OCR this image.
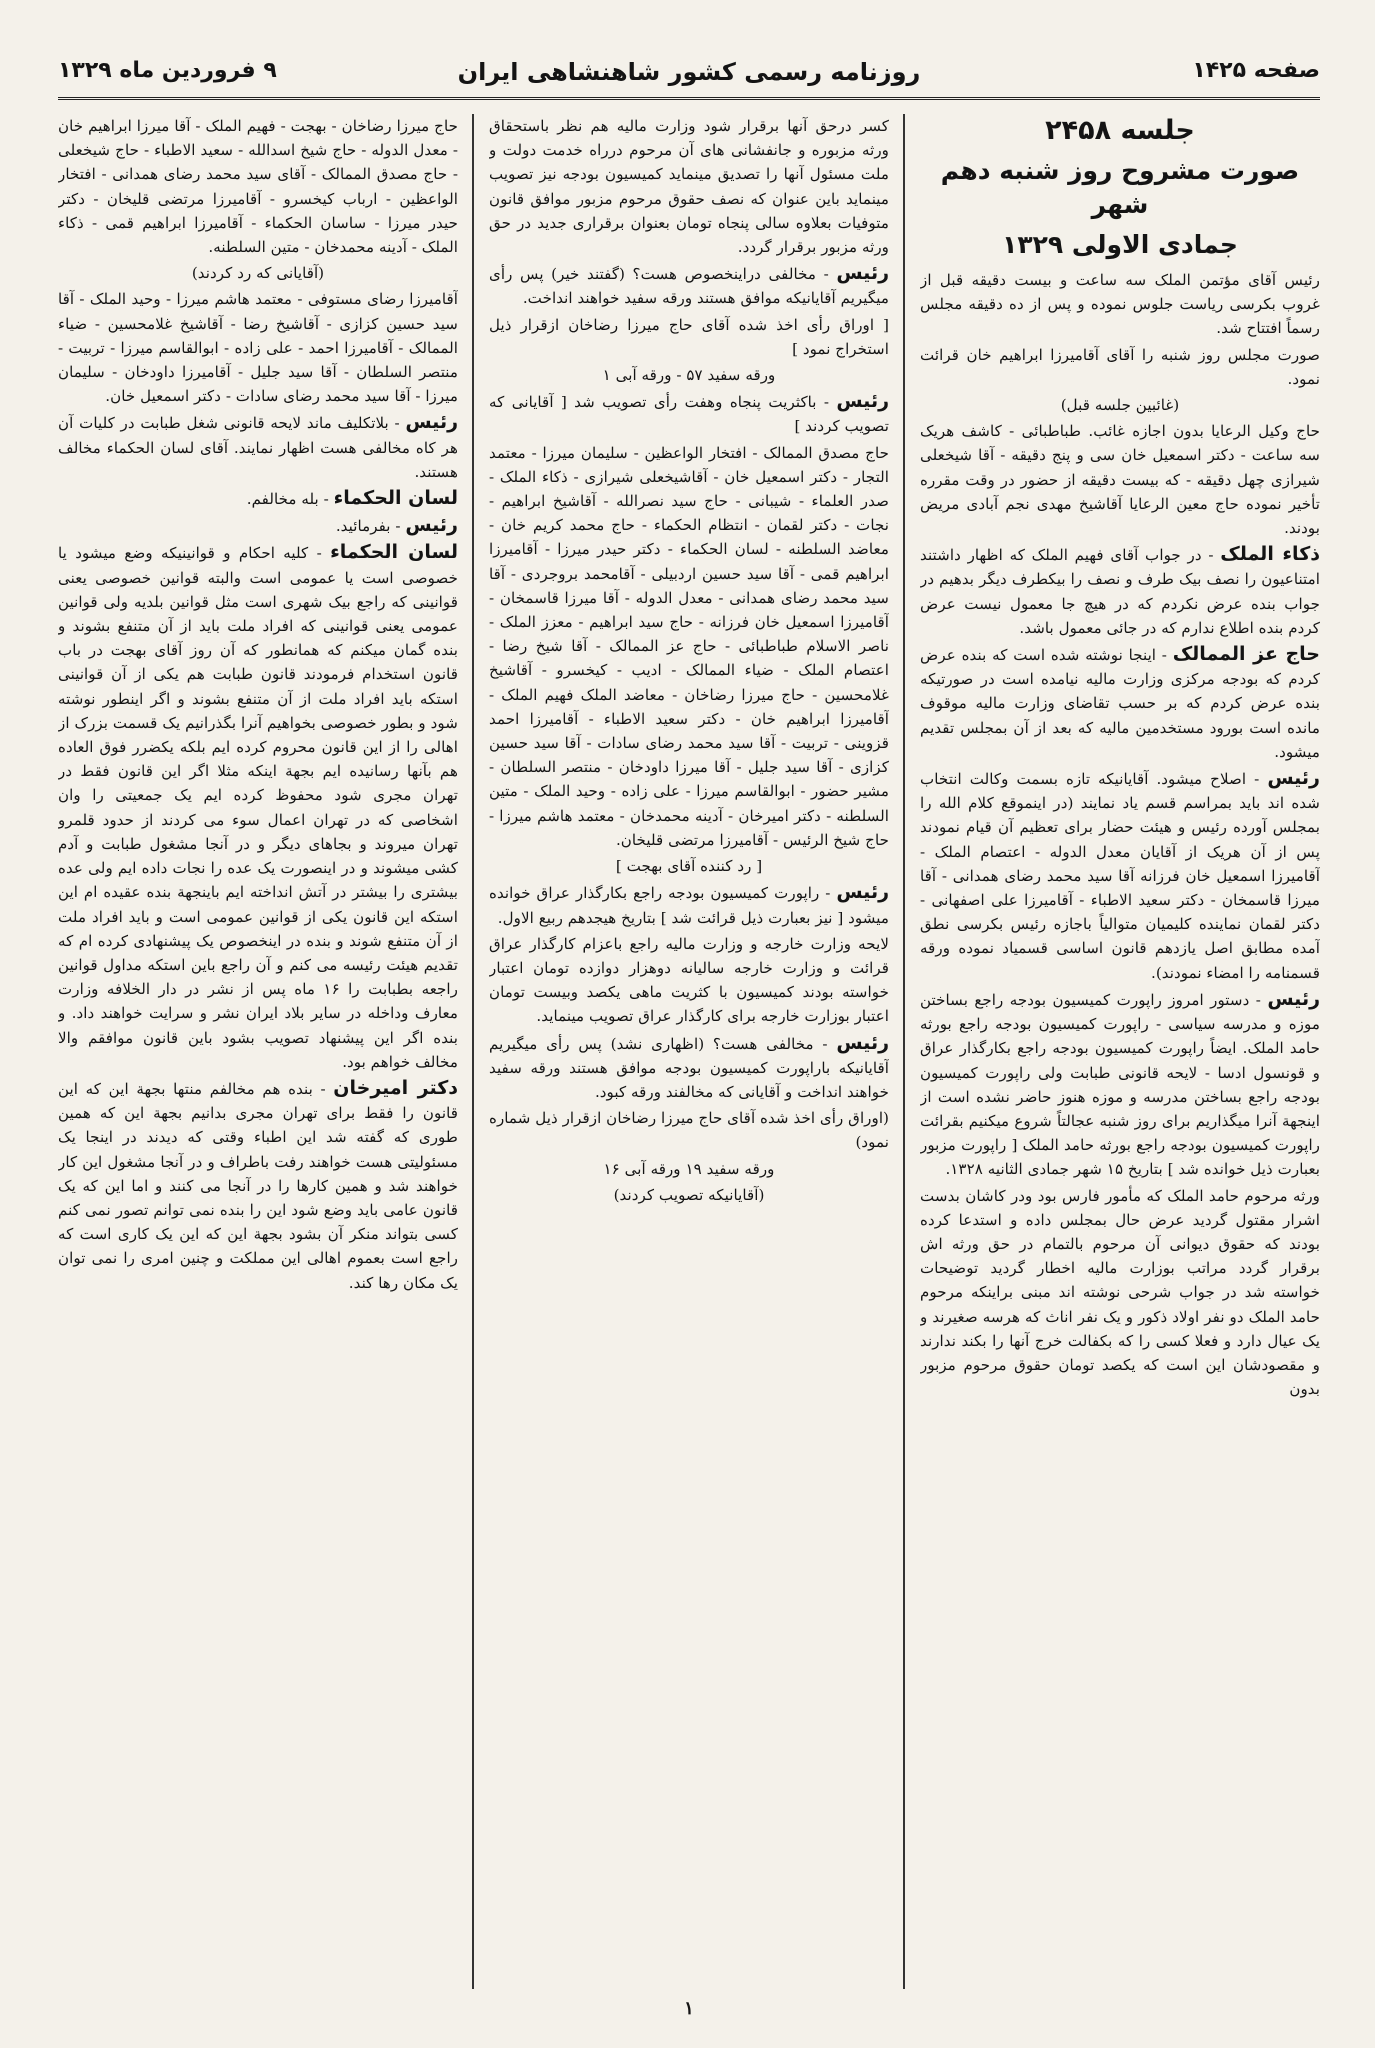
صفحه ۱۴۲۵
روزنامه رسمی کشور شاهنشاهی ایران
۹ فروردین ماه ۱۳۲۹

جلسه ۲۴۵۸

صورت مشروح روز شنبه دهم شهر

جمادی الاولی ۱۳۲۹

رئیس آقای مؤتمن الملک سه ساعت و بیست دقیقه قبل از غروب بکرسی ریاست جلوس نموده و پس از ده دقیقه مجلس رسماً افتتاح شد.

صورت مجلس روز شنبه را آقای آقامیرزا ابراهیم خان قرائت نمود.

(غائبین جلسه قبل)

حاج وکیل الرعایا بدون اجازه غائب. طباطبائی - کاشف هریک سه ساعت - دکتر اسمعیل خان سی و پنج دقیقه - آقا شیخعلی شیرازی چهل دقیقه - که بیست دقیقه از حضور در وقت مقرره تأخیر نموده حاج معین الرعایا آقاشیخ مهدی نجم آبادی مریض بودند.

ذکاء الملک - در جواب آقای فهیم الملک که اظهار داشتند امتناعیون را نصف بیک طرف و نصف را بیکطرف دیگر بدهیم در جواب بنده عرض نکردم که در هیچ جا معمول نیست عرض کردم بنده اطلاع ندارم که در جائی معمول باشد.

حاج عز الممالک - اینجا نوشته شده است که بنده عرض کردم که بودجه مرکزی وزارت مالیه نیامده است در صورتیکه بنده عرض کردم که بر حسب تقاضای وزارت مالیه موقوف مانده است بورود مستخدمین مالیه که بعد از آن بمجلس تقدیم میشود.

رئیس - اصلاح میشود. آقایانیکه تازه بسمت وکالت انتخاب شده اند باید بمراسم قسم یاد نمایند (در اینموقع کلام الله را بمجلس آورده رئیس و هیئت حضار برای تعظیم آن قیام نمودند پس از آن هریک از آقایان معدل الدوله - اعتصام الملک - آقامیرزا اسمعیل خان فرزانه آقا سید محمد رضای همدانی - آقا میرزا قاسمخان - دکتر سعید الاطباء - آقامیرزا علی اصفهانی - دکتر لقمان نماینده کلیمیان متوالیاً باجازه رئیس بکرسی نطق آمده مطابق اصل یازدهم قانون اساسی قسمیاد نموده ورقه قسمنامه را امضاء نمودند).

رئیس - دستور امروز راپورت کمیسیون بودجه راجع بساختن موزه و مدرسه سیاسی - راپورت کمیسیون بودجه راجع بورثه حامد الملک. ایضاً راپورت کمیسیون بودجه راجع بکارگذار عراق و قونسول ادسا - لایحه قانونی طبابت ولی راپورت کمیسیون بودجه راجع بساختن مدرسه و موزه هنوز حاضر نشده است از اینجهة آنرا میگذاریم برای روز شنبه عجالتاً شروع میکنیم بقرائت راپورت کمیسیون بودجه راجع بورثه حامد الملک [ راپورت مزبور بعبارت ذیل خوانده شد ] بتاریخ ۱۵ شهر جمادی الثانیه ۱۳۲۸.

ورثه مرحوم حامد الملک که مأمور فارس بود ودر کاشان بدست اشرار مقتول گردید عرض حال بمجلس داده و استدعا کرده بودند که حقوق دیوانی آن مرحوم بالتمام در حق ورثه اش برقرار گردد مراتب بوزارت مالیه اخطار گردید توضیحات خواسته شد در جواب شرحی نوشته اند مبنی براینکه مرحوم حامد الملک دو نفر اولاد ذکور و یک نفر اناث که هرسه صغیرند و یک عیال دارد و فعلا کسی را که بکفالت خرج آنها را بکند ندارند و مقصودشان این است که یکصد تومان حقوق مرحوم مزبور بدون

کسر درحق آنها برقرار شود وزارت مالیه هم نظر باستحقاق ورثه مزبوره و جانفشانی های آن مرحوم درراه خدمت دولت و ملت مسئول آنها را تصدیق مینماید کمیسیون بودجه نیز تصویب مینماید باین عنوان که نصف حقوق مرحوم مزبور موافق قانون متوفیات بعلاوه سالی پنجاه تومان بعنوان برقراری جدید در حق ورثه مزبور برقرار گردد.

رئیس - مخالفی دراینخصوص هست؟ (گفتند خیر) پس رأی میگیریم آقایانیکه موافق هستند ورقه سفید خواهند انداخت.

[ اوراق رأی اخذ شده آقای حاج میرزا رضاخان ازقرار ذیل استخراج نمود ]

ورقه سفید ۵۷ - ورقه آبی ۱

رئیس - باکثریت پنجاه وهفت رأی تصویب شد [ آقایانی که تصویب کردند ]

حاج مصدق الممالک - افتخار الواعظین - سلیمان میرزا - معتمد التجار - دکتر اسمعیل خان - آقاشیخعلی شیرازی - ذکاء الملک - صدر العلماء - شیبانی - حاج سید نصرالله - آقاشیخ ابراهیم - نجات - دکتر لقمان - انتظام الحکماء - حاج محمد کریم خان - معاضد السلطنه - لسان الحکماء - دکتر حیدر میرزا - آقامیرزا ابراهیم قمی - آقا سید حسین اردبیلی - آقامحمد بروجردی - آقا سید محمد رضای همدانی - معدل الدوله - آقا میرزا قاسمخان - آقامیرزا اسمعیل خان فرزانه - حاج سید ابراهیم - معزز الملک - ناصر الاسلام طباطبائی - حاج عز الممالک - آقا شیخ رضا - اعتصام الملک - ضیاء الممالک - ادیب - کیخسرو - آقاشیخ غلامحسین - حاج میرزا رضاخان - معاضد الملک فهیم الملک - آقامیرزا ابراهیم خان - دکتر سعید الاطباء - آقامیرزا احمد قزوینی - تربیت - آقا سید محمد رضای سادات - آقا سید حسین کزازی - آقا سید جلیل - آقا میرزا داودخان - منتصر السلطان - مشیر حضور - ابوالقاسم میرزا - علی زاده - وحید الملک - متین السلطنه - دکتر امیرخان - آدینه محمدخان - معتمد هاشم میرزا - حاج شیخ الرئیس - آقامیرزا مرتضی قلیخان.

[ رد کننده آقای بهجت ]

رئیس - راپورت کمیسیون بودجه راجع بکارگذار عراق خوانده میشود [ نیز بعبارت ذیل قرائت شد ] بتاریخ هیجدهم ربیع الاول.

لایحه وزارت خارجه و وزارت مالیه راجع باعزام کارگذار عراق قرائت و وزارت خارجه سالیانه دوهزار دوازده تومان اعتبار خواسته بودند کمیسیون با کثریت ماهی یکصد وبیست تومان اعتبار بوزارت خارجه برای کارگذار عراق تصویب مینماید.

رئیس - مخالفی هست؟ (اظهاری نشد) پس رأی میگیریم آقایانیکه باراپورت کمیسیون بودجه موافق هستند ورقه سفید خواهند انداخت و آقایانی که مخالفند ورقه کبود.

(اوراق رأی اخذ شده آقای حاج میرزا رضاخان ازقرار ذیل شماره نمود)

ورقه سفید ۱۹ ورقه آبی ۱۶

(آقایانیکه تصویب کردند)

حاج میرزا رضاخان - بهجت - فهیم الملک - آقا میرزا ابراهیم خان - معدل الدوله - حاج شیخ اسدالله - سعید الاطباء - حاج شیخعلی - حاج مصدق الممالک - آقای سید محمد رضای همدانی - افتخار الواعظین - ارباب کیخسرو - آقامیرزا مرتضی قلیخان - دکتر حیدر میرزا - ساسان الحکماء - آقامیرزا ابراهیم قمی - ذکاء الملک - آدینه محمدخان - متین السلطنه.

(آقایانی که رد کردند)

آقامیرزا رضای مستوفی - معتمد هاشم میرزا - وحید الملک - آقا سید حسین کزازی - آقاشیخ رضا - آقاشیخ غلامحسین - ضیاء الممالک - آقامیرزا احمد - علی زاده - ابوالقاسم میرزا - تربیت - منتصر السلطان - آقا سید جلیل - آقامیرزا داودخان - سلیمان میرزا - آقا سید محمد رضای سادات - دکتر اسمعیل خان.

رئیس - بلاتکلیف ماند لایحه قانونی شغل طبابت در کلیات آن هر کاه مخالفی هست اظهار نمایند. آقای لسان الحکماء مخالف هستند.

لسان الحکماء - بله مخالفم.

رئیس - بفرمائید.

لسان الحکماء - کلیه احکام و قوانینیکه وضع میشود یا خصوصی است یا عمومی است والبته قوانین خصوصی یعنی قوانینی که راجع بیک شهری است مثل قوانین بلدیه ولی قوانین عمومی یعنی قوانینی که افراد ملت باید از آن متنفع بشوند و بنده گمان میکنم که همانطور که آن روز آقای بهجت در باب قانون استخدام فرمودند قانون طبابت هم یکی از آن قوانینی استکه باید افراد ملت از آن متنفع بشوند و اگر اینطور نوشته شود و بطور خصوصی بخواهیم آنرا بگذرانیم یک قسمت بزرک از اهالی را از این قانون محروم کرده ایم بلکه یکضرر فوق العاده هم بآنها رسانیده ایم بجهة اینکه مثلا اگر این قانون فقط در تهران مجری شود محفوظ کرده ایم یک جمعیتی را وان اشخاصی که در تهران اعمال سوء می کردند از حدود قلمرو تهران میروند و بجاهای دیگر و در آنجا مشغول طبابت و آدم کشی میشوند و در اینصورت یک عده را نجات داده ایم ولی عده بیشتری را بیشتر در آتش انداخته ایم باینجهة بنده عقیده ام این استکه این قانون یکی از قوانین عمومی است و باید افراد ملت از آن متنفع شوند و بنده در اینخصوص یک پیشنهادی کرده ام که تقدیم هیئت رئیسه می کنم و آن راجع باین استکه مداول قوانین راجعه بطبابت را ۱۶ ماه پس از نشر در دار الخلافه وزارت معارف وداخله در سایر بلاد ایران نشر و سرایت خواهند داد. و بنده اگر این پیشنهاد تصویب بشود باین قانون موافقم والا مخالف خواهم بود.

دکتر امیرخان - بنده هم مخالفم منتها بجهة این که این قانون را فقط برای تهران مجری بدانیم بجهة این که همین طوری که گفته شد این اطباء وقتی که دیدند در اینجا یک مسئولیتی هست خواهند رفت باطراف و در آنجا مشغول این کار خواهند شد و همین کارها را در آنجا می کنند و اما این که یک قانون عامی باید وضع شود این را بنده نمی توانم تصور نمی کنم کسی بتواند منکر آن بشود بجهة این که این یک کاری است که راجع است بعموم اهالی این مملکت و چنین امری را نمی توان یک مکان رها کند.

۱
